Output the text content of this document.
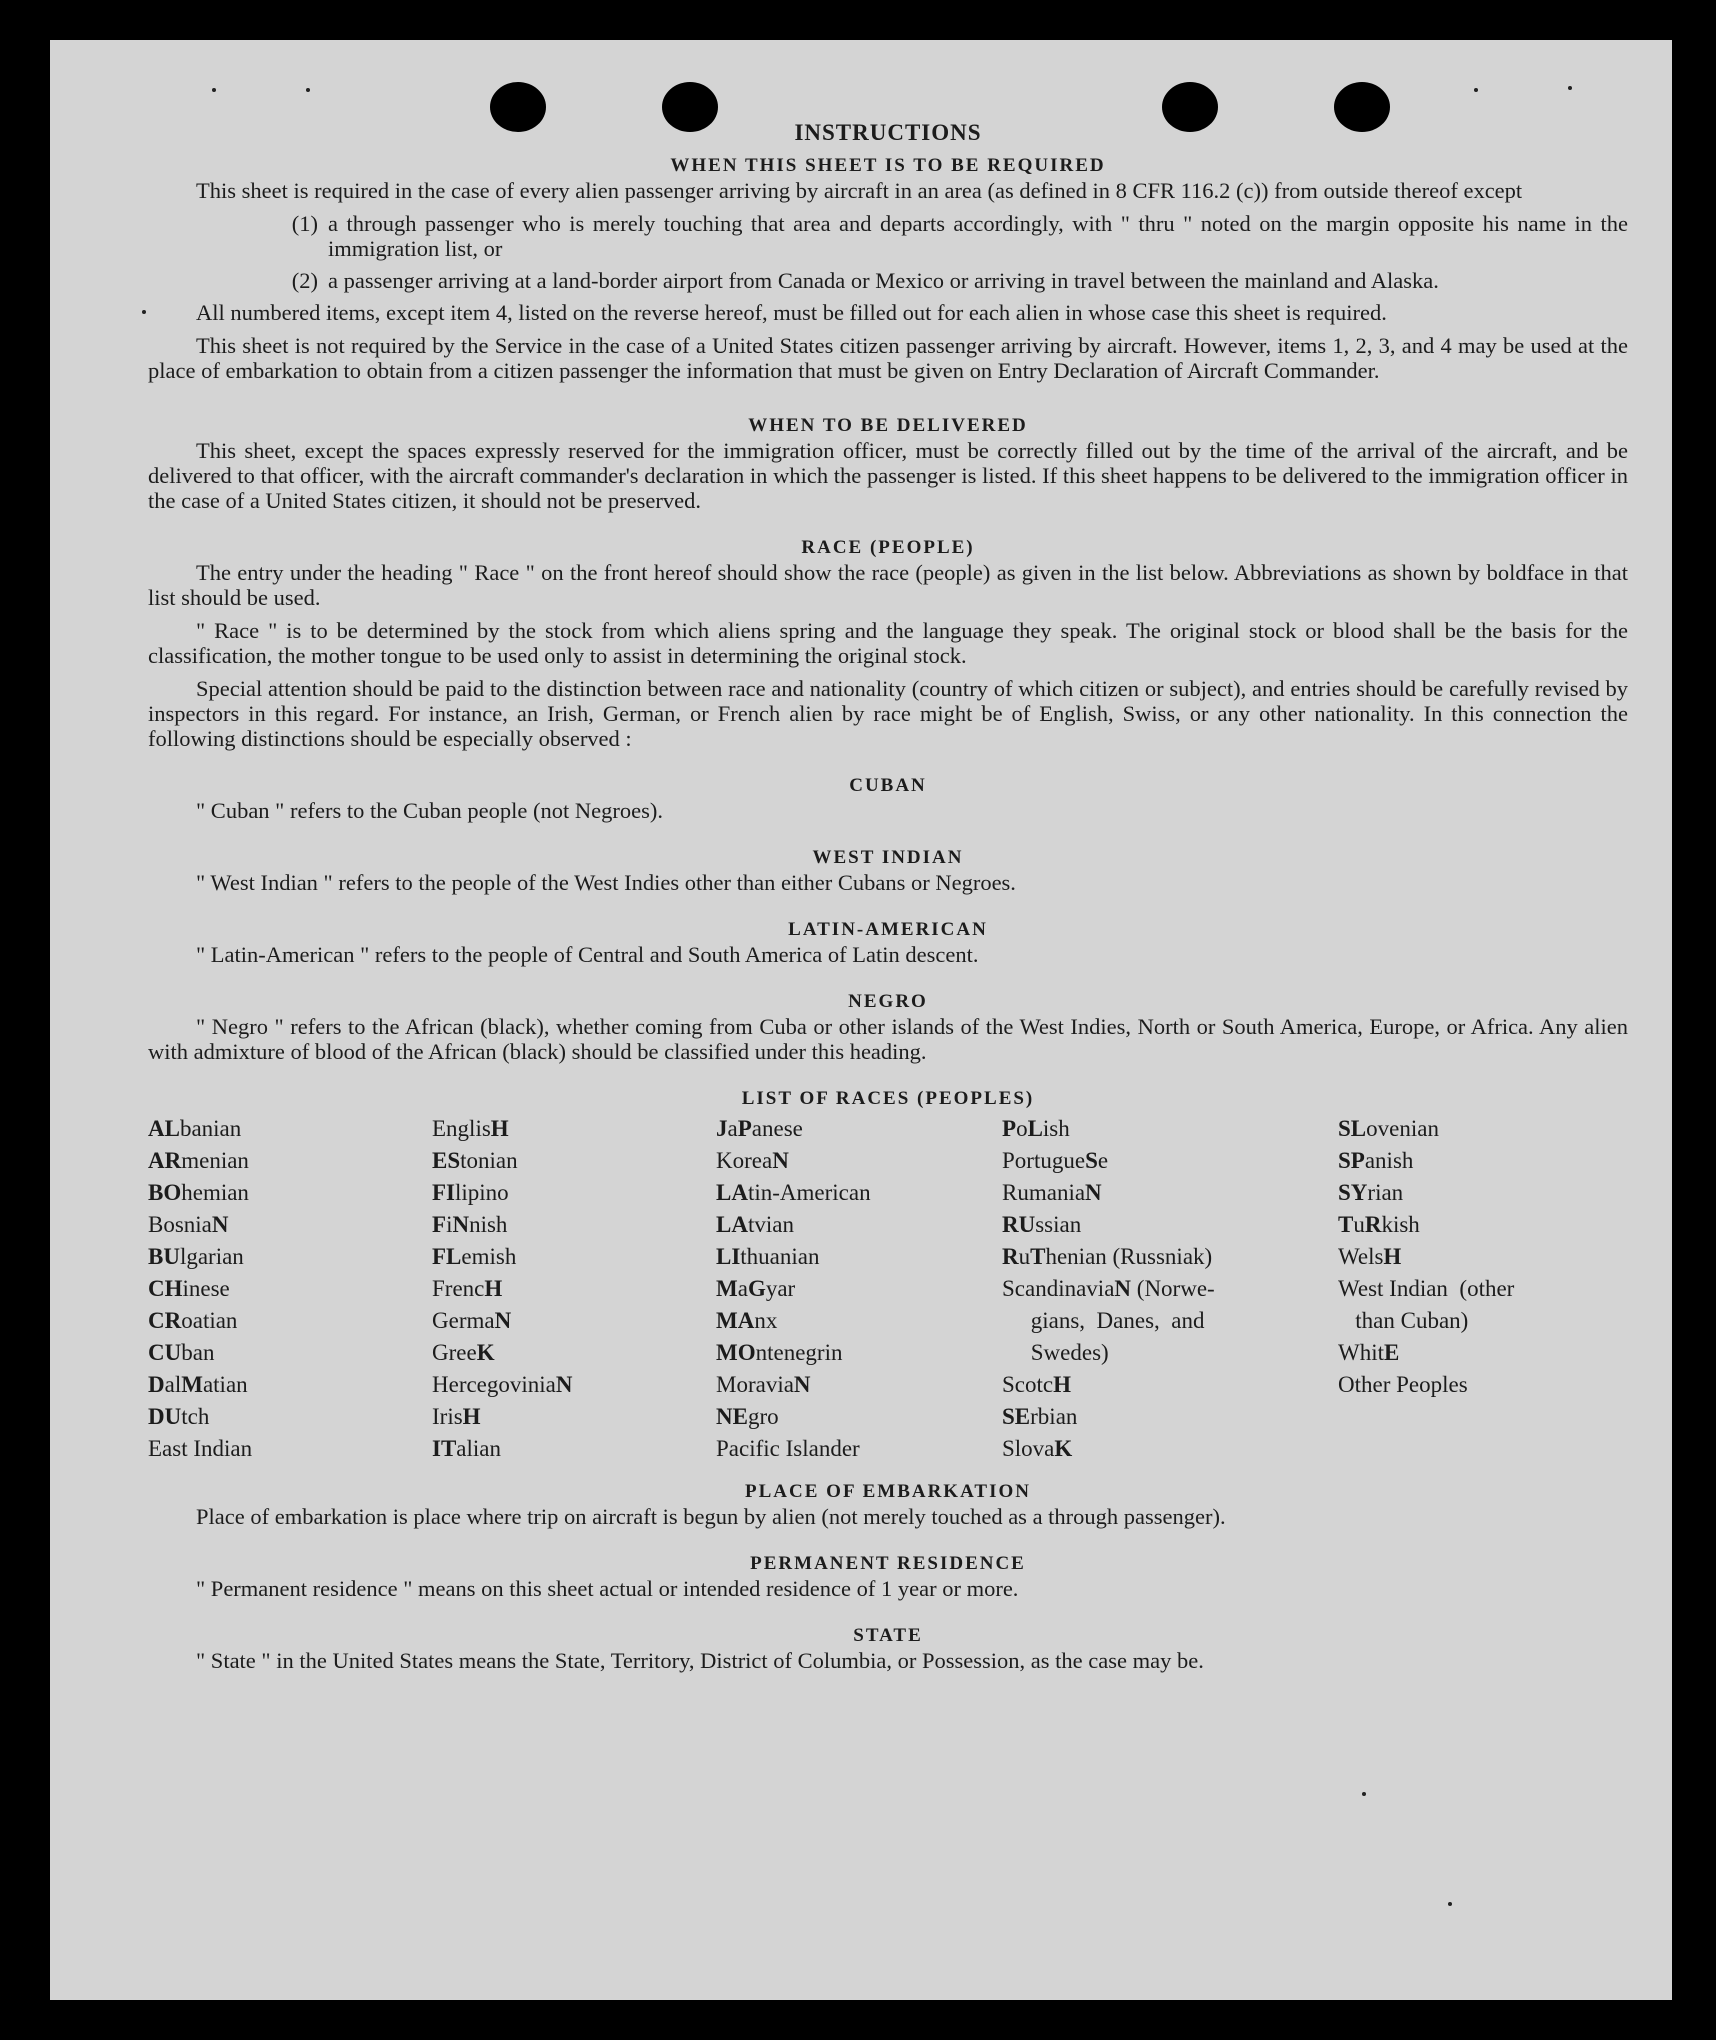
INSTRUCTIONS
WHEN THIS SHEET IS TO BE REQUIRED

This sheet is required in the case of every alien passenger arriving by aircraft in an area (as defined in 8 CFR 116.2 (c)) from outside thereof except

(1) a through passenger who is merely touching that area and departs accordingly, with " thru " noted on the margin opposite his name in the immigration list, or
(2) a passenger arriving at a land-border airport from Canada or Mexico or arriving in travel between the mainland and Alaska.

All numbered items, except item 4, listed on the reverse hereof, must be filled out for each alien in whose case this sheet is required.

This sheet is not required by the Service in the case of a United States citizen passenger arriving by aircraft. However, items 1, 2, 3, and 4 may be used at the place of embarkation to obtain from a citizen passenger the information that must be given on Entry Declaration of Aircraft Commander.

WHEN TO BE DELIVERED

This sheet, except the spaces expressly reserved for the immigration officer, must be correctly filled out by the time of the arrival of the aircraft, and be delivered to that officer, with the aircraft commander's declaration in which the passenger is listed. If this sheet happens to be delivered to the immigration officer in the case of a United States citizen, it should not be preserved.

RACE (PEOPLE)

The entry under the heading " Race " on the front hereof should show the race (people) as given in the list below. Abbreviations as shown by boldface in that list should be used.

" Race " is to be determined by the stock from which aliens spring and the language they speak. The original stock or blood shall be the basis for the classification, the mother tongue to be used only to assist in determining the original stock.

Special attention should be paid to the distinction between race and nationality (country of which citizen or subject), and entries should be carefully revised by inspectors in this regard. For instance, an Irish, German, or French alien by race might be of English, Swiss, or any other nationality. In this connection the following distinctions should be especially observed :

CUBAN

" Cuban " refers to the Cuban people (not Negroes).

WEST INDIAN

" West Indian " refers to the people of the West Indies other than either Cubans or Negroes.

LATIN-AMERICAN

" Latin-American " refers to the people of Central and South America of Latin descent.

NEGRO

" Negro " refers to the African (black), whether coming from Cuba or other islands of the West Indies, North or South America, Europe, or Africa. Any alien with admixture of blood of the African (black) should be classified under this heading.

LIST OF RACES (PEOPLES)
ALbanian
ARmenian
BOhemian
BosniaN
BUlgarian
CHinese
CRoatian
CUban
DalMatian
DUtch
East Indian
EnglisH
EStonian
FIlipino
FiNnish
FLemish
FrencH
GermaN
GreeK
HercegoviniaN
IrisH
ITalian
JaPanese
KoreaN
LAtin-American
LAtvian
LIthuanian
MaGyar
MAnx
MOntenegrin
MoraviaN
NEgro
Pacific Islander
PoLish
PortugueSe
RumaniaN
RUssian
RuThenian (Russniak)
ScandinaviaN (Norwe-
gians,  Danes,  and
Swedes)
ScotcH
SErbian
SlovaK
SLovenian
SPanish
SYrian
TuRkish
WelsH
West Indian  (other
than Cuban)
WhitE
Other Peoples
PLACE OF EMBARKATION

Place of embarkation is place where trip on aircraft is begun by alien (not merely touched as a through passenger).

PERMANENT RESIDENCE

" Permanent residence " means on this sheet actual or intended residence of 1 year or more.

STATE

" State " in the United States means the State, Territory, District of Columbia, or Possession, as the case may be.
